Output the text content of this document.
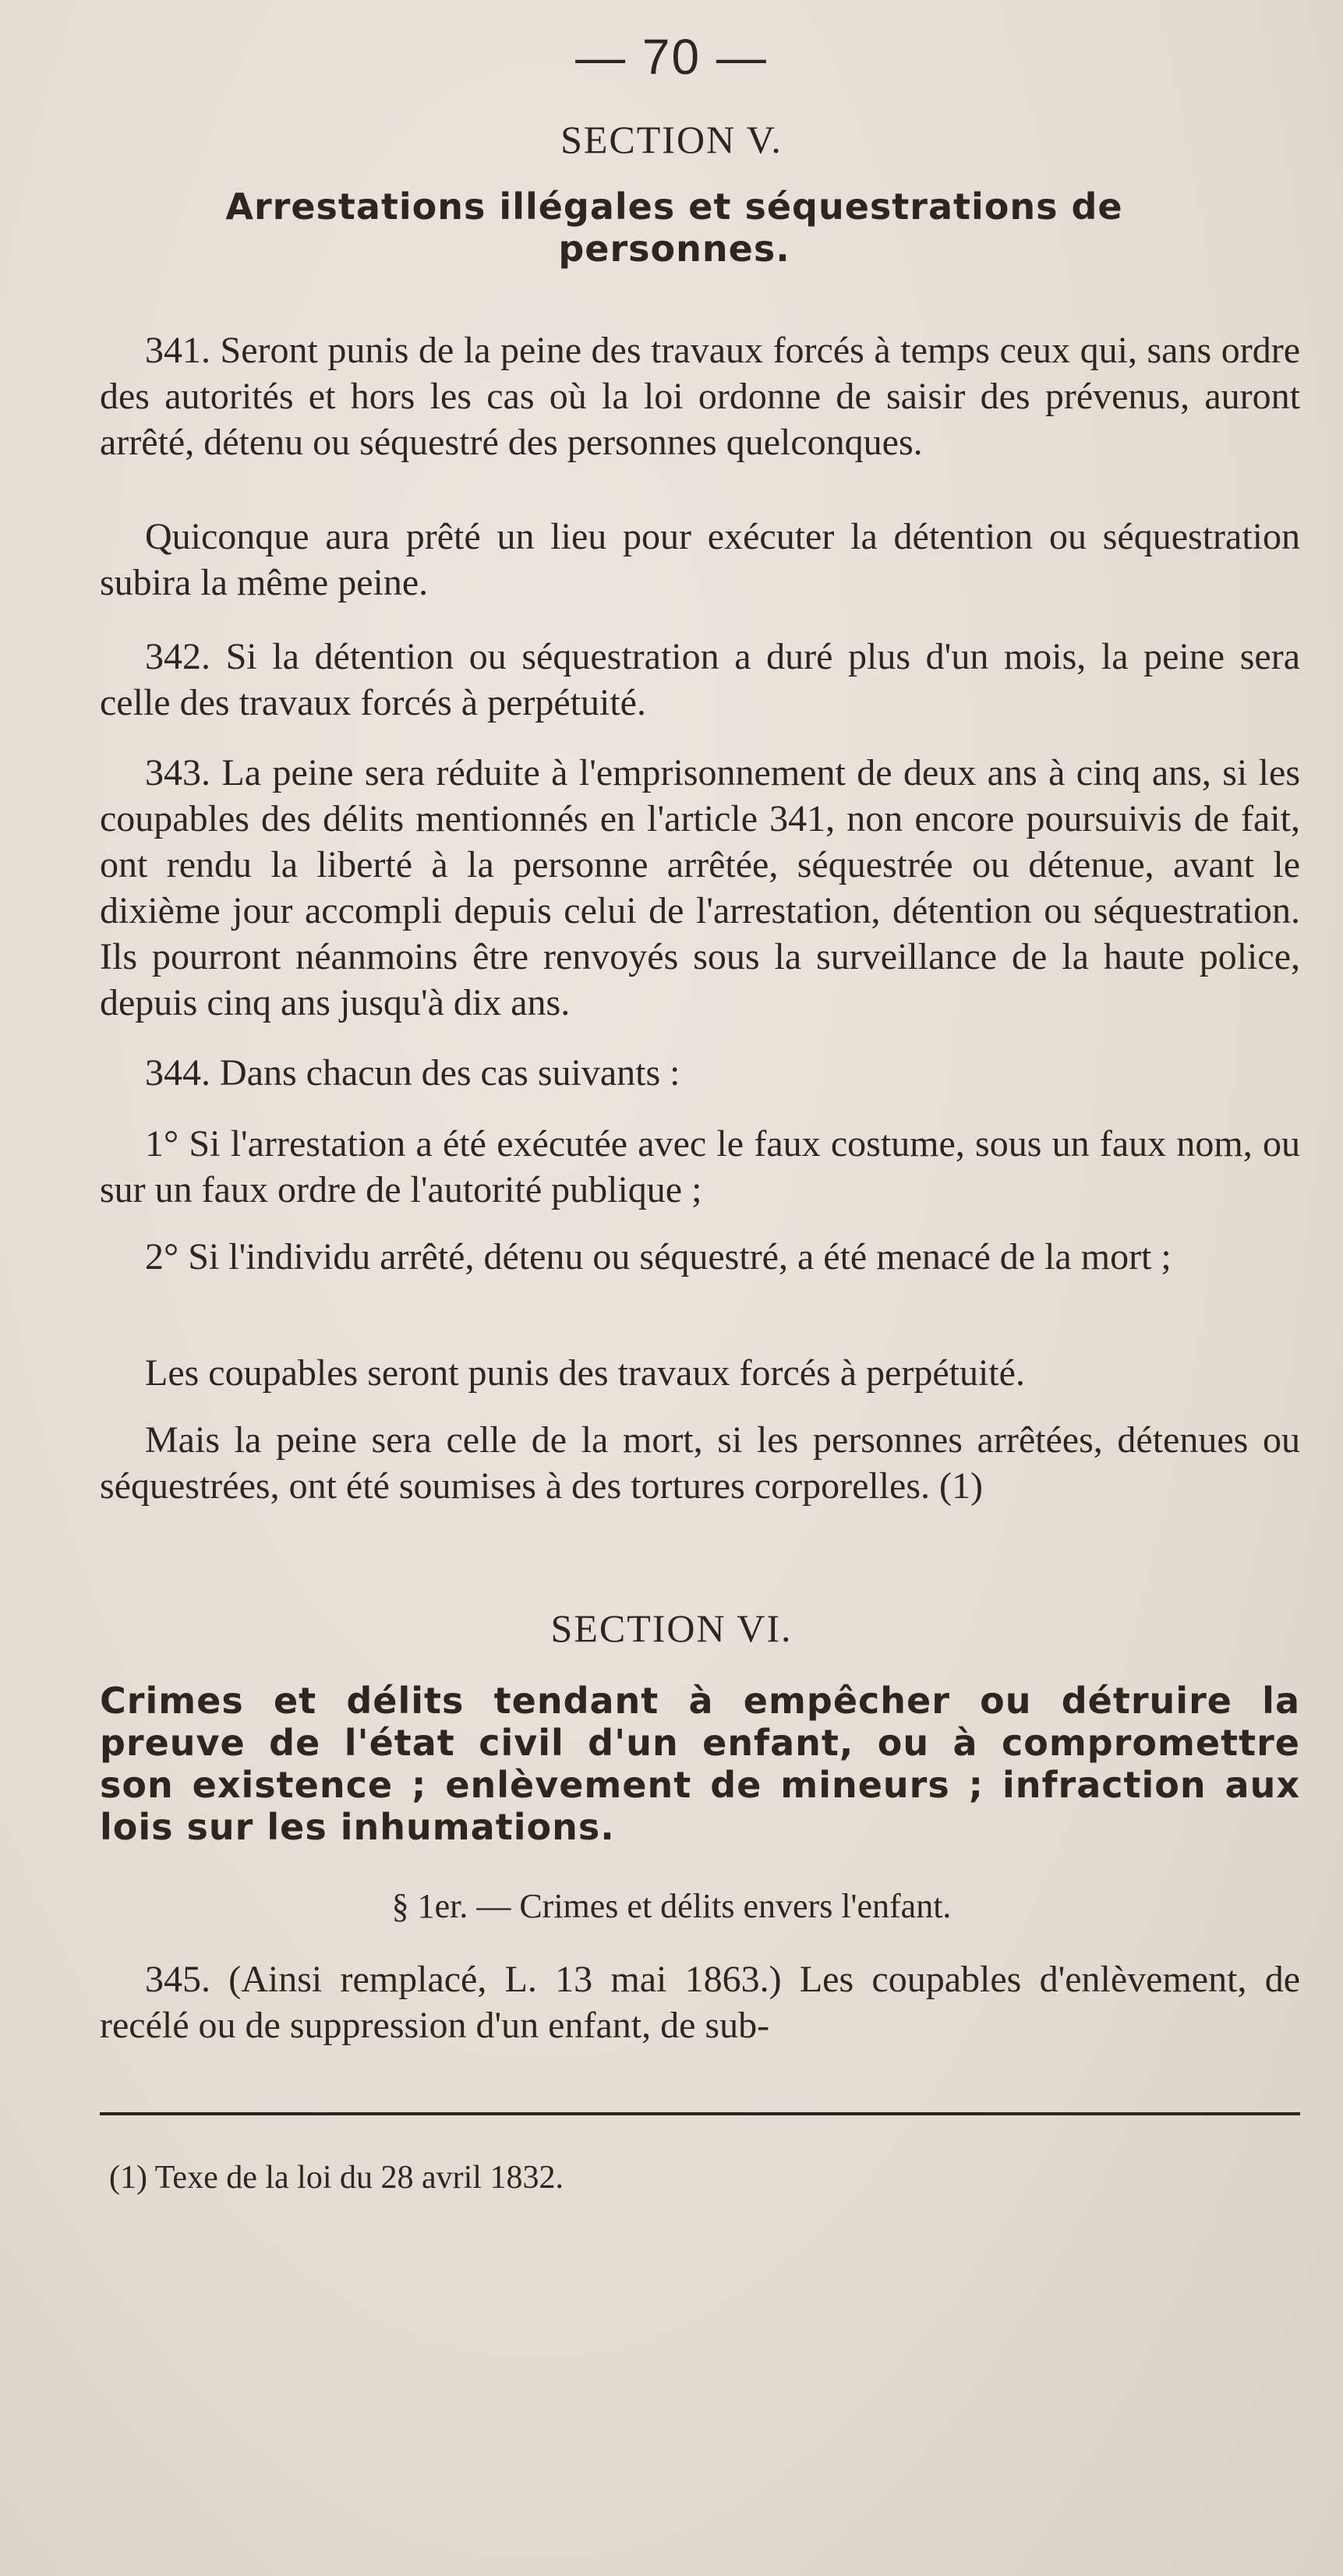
— 70 —
SECTION V.
Arrestations illégales et séquestrations de personnes.
341. Seront punis de la peine des travaux forcés à temps ceux qui, sans ordre des autorités et hors les cas où la loi ordonne de saisir des prévenus, auront arrêté, détenu ou séquestré des personnes quelconques.
Quiconque aura prêté un lieu pour exécuter la détention ou séquestration subira la même peine.
342. Si la détention ou séquestration a duré plus d'un mois, la peine sera celle des travaux forcés à perpétuité.
343. La peine sera réduite à l'emprisonnement de deux ans à cinq ans, si les coupables des délits mentionnés en l'article 341, non encore poursuivis de fait, ont rendu la liberté à la personne arrêtée, séquestrée ou détenue, avant le dixième jour accompli depuis celui de l'arrestation, détention ou séquestration. Ils pourront néanmoins être renvoyés sous la surveillance de la haute police, depuis cinq ans jusqu'à dix ans.
344. Dans chacun des cas suivants :
1° Si l'arrestation a été exécutée avec le faux costume, sous un faux nom, ou sur un faux ordre de l'autorité publique ;
2° Si l'individu arrêté, détenu ou séquestré, a été menacé de la mort ;
Les coupables seront punis des travaux forcés à perpétuité.
Mais la peine sera celle de la mort, si les personnes arrêtées, détenues ou séquestrées, ont été soumises à des tortures corporelles. (1)
SECTION VI.
Crimes et délits tendant à empêcher ou détruire la preuve de l'état civil d'un enfant, ou à compromettre son existence ; enlèvement de mineurs ; infraction aux lois sur les inhumations.
§ 1er. — Crimes et délits envers l'enfant.
345. (Ainsi remplacé, L. 13 mai 1863.) Les coupables d'enlèvement, de recélé ou de suppression d'un enfant, de sub-
(1) Texe de la loi du 28 avril 1832.
